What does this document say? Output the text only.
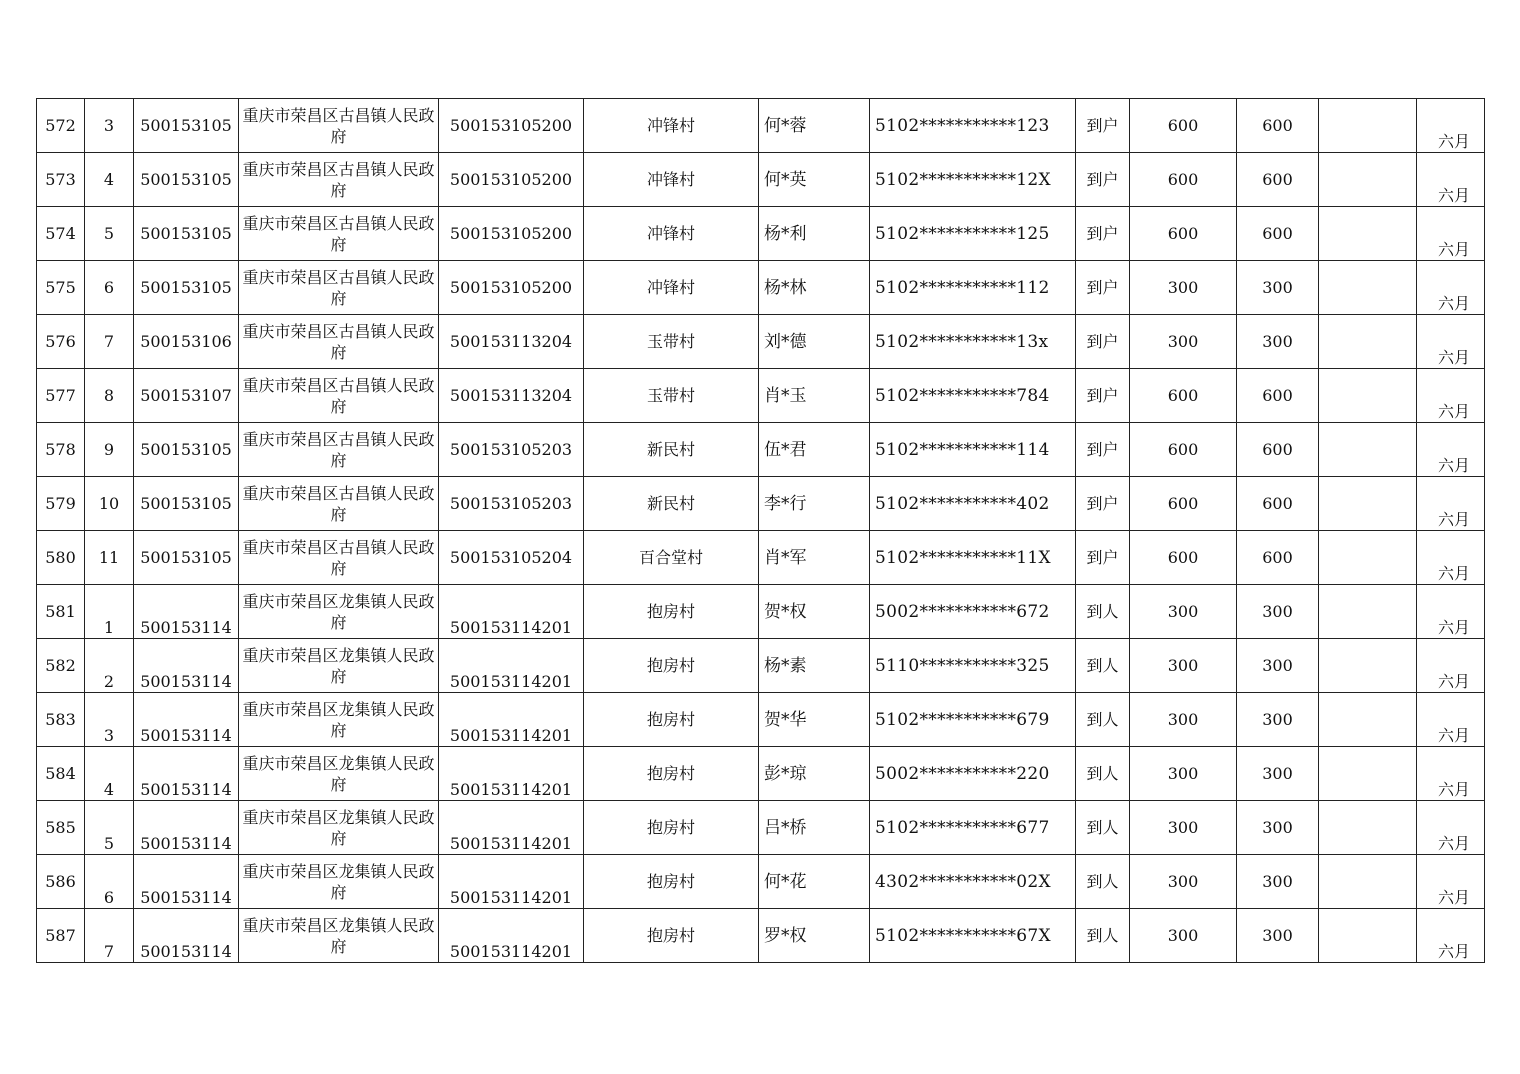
572	3	500153105	重庆市荣昌区古昌镇人民政府	500153105200	冲锋村	何*蓉	5102***********123	到户	600	600		六月
573	4	500153105	重庆市荣昌区古昌镇人民政府	500153105200	冲锋村	何*英	5102***********12X	到户	600	600		六月
574	5	500153105	重庆市荣昌区古昌镇人民政府	500153105200	冲锋村	杨*利	5102***********125	到户	600	600		六月
575	6	500153105	重庆市荣昌区古昌镇人民政府	500153105200	冲锋村	杨*林	5102***********112	到户	300	300		六月
576	7	500153106	重庆市荣昌区古昌镇人民政府	500153113204	玉带村	刘*德	5102***********13x	到户	300	300		六月
577	8	500153107	重庆市荣昌区古昌镇人民政府	500153113204	玉带村	肖*玉	5102***********784	到户	600	600		六月
578	9	500153105	重庆市荣昌区古昌镇人民政府	500153105203	新民村	伍*君	5102***********114	到户	600	600		六月
579	10	500153105	重庆市荣昌区古昌镇人民政府	500153105203	新民村	李*行	5102***********402	到户	600	600		六月
580	11	500153105	重庆市荣昌区古昌镇人民政府	500153105204	百合堂村	肖*军	5102***********11X	到户	600	600		六月
581	1	500153114	重庆市荣昌区龙集镇人民政府	500153114201	抱房村	贺*权	5002***********672	到人	300	300		六月
582	2	500153114	重庆市荣昌区龙集镇人民政府	500153114201	抱房村	杨*素	5110***********325	到人	300	300		六月
583	3	500153114	重庆市荣昌区龙集镇人民政府	500153114201	抱房村	贺*华	5102***********679	到人	300	300		六月
584	4	500153114	重庆市荣昌区龙集镇人民政府	500153114201	抱房村	彭*琼	5002***********220	到人	300	300		六月
585	5	500153114	重庆市荣昌区龙集镇人民政府	500153114201	抱房村	吕*桥	5102***********677	到人	300	300		六月
586	6	500153114	重庆市荣昌区龙集镇人民政府	500153114201	抱房村	何*花	4302***********02X	到人	300	300		六月
587	7	500153114	重庆市荣昌区龙集镇人民政府	500153114201	抱房村	罗*权	5102***********67X	到人	300	300		六月
